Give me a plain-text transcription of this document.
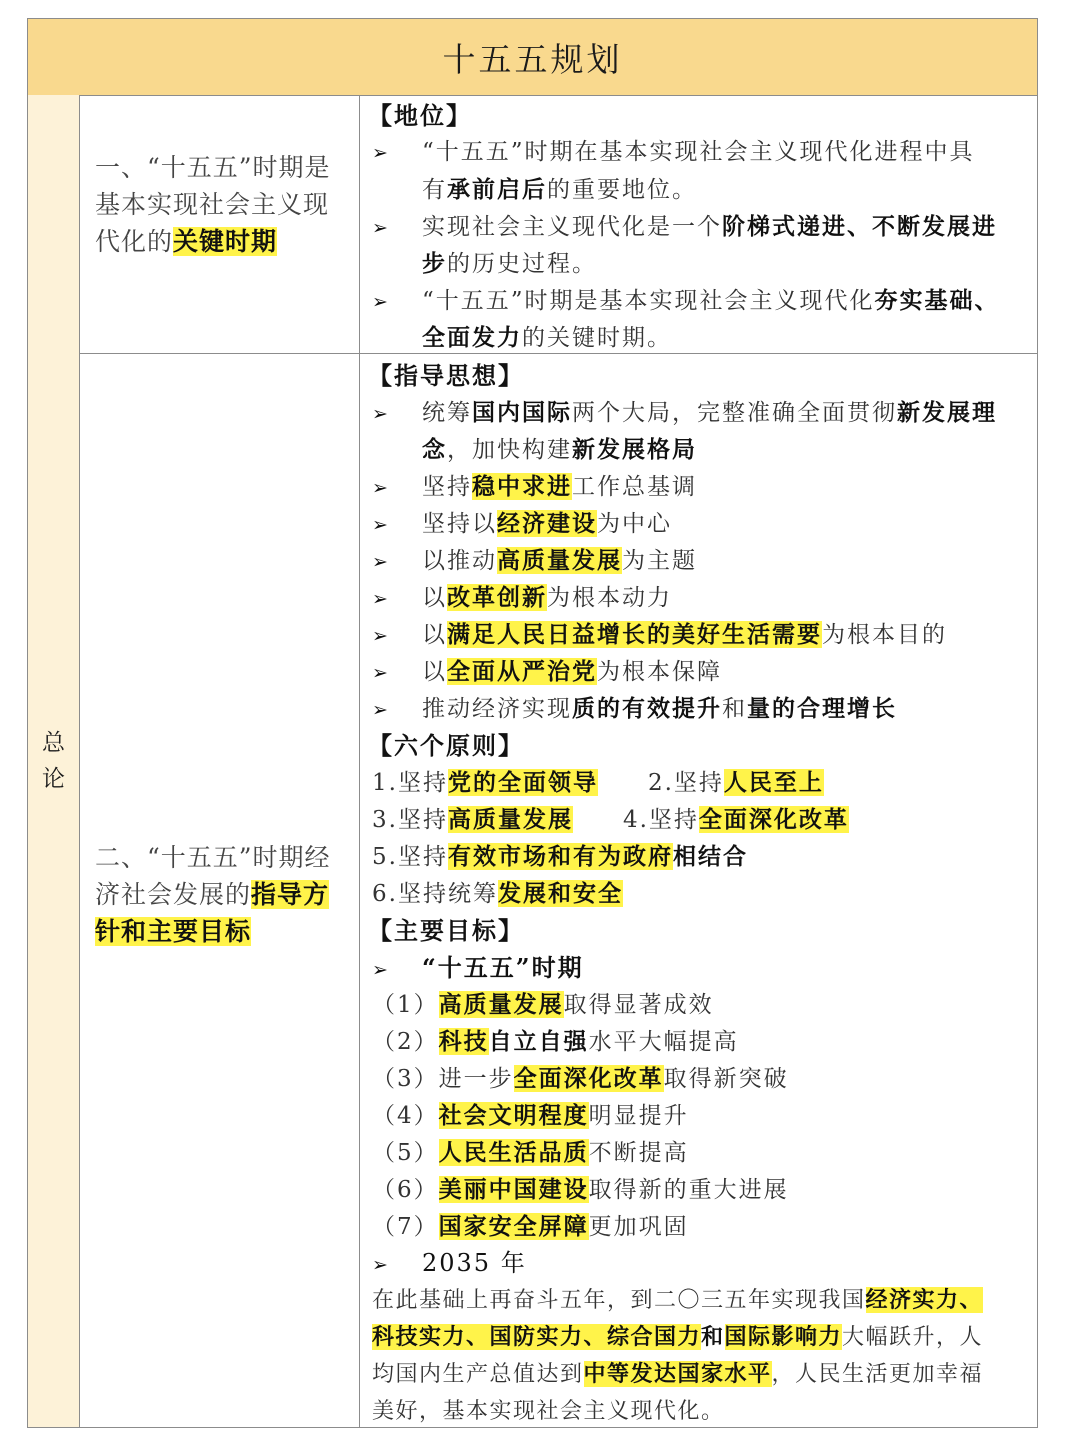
十五五规划
总
论
一、“十五五”时期是基本实现社会主义现代化的关键时期
【地位】
➢ “十五五”时期在基本实现社会主义现代化进程中具
有承前启后的重要地位。
➢ 实现社会主义现代化是一个阶梯式递进、不断发展进
步的历史过程。
➢ “十五五”时期是基本实现社会主义现代化夯实基础、
全面发力的关键时期。
二、“十五五”时期经济社会发展的指导方针和主要目标
【指导思想】
➢ 统筹国内国际两个大局，完整准确全面贯彻新发展理
念，加快构建新发展格局
➢ 坚持稳中求进工作总基调
➢ 坚持以经济建设为中心
➢ 以推动高质量发展为主题
➢ 以改革创新为根本动力
➢ 以满足人民日益增长的美好生活需要为根本目的
➢ 以全面从严治党为根本保障
➢ 推动经济实现质的有效提升和量的合理增长
【六个原则】
1.坚持党的全面领导 2.坚持人民至上
3.坚持高质量发展 4.坚持全面深化改革
5.坚持有效市场和有为政府相结合
6.坚持统筹发展和安全
【主要目标】
➢ “十五五”时期
（1）高质量发展取得显著成效
（2）科技自立自强水平大幅提高
（3）进一步全面深化改革取得新突破
（4）社会文明程度明显提升
（5）人民生活品质不断提高
（6）美丽中国建设取得新的重大进展
（7）国家安全屏障更加巩固
➢ 2035 年
在此基础上再奋斗五年，到二〇三五年实现我国经济实力、
科技实力、国防实力、综合国力和国际影响力大幅跃升，人
均国内生产总值达到中等发达国家水平，人民生活更加幸福
美好，基本实现社会主义现代化。
